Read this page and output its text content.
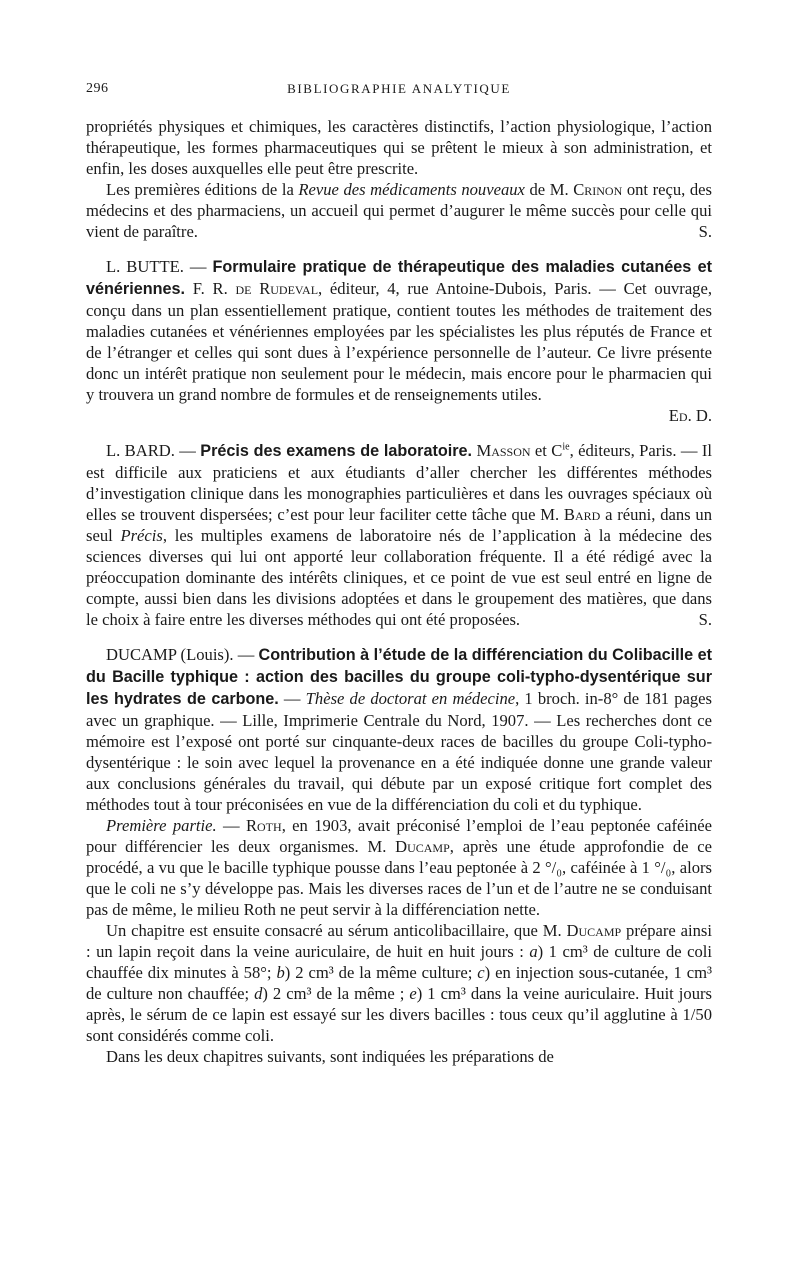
296	BIBLIOGRAPHIE ANALYTIQUE

propriétés physiques et chimiques, les caractères distinctifs, l’action physiologique, l’action thérapeutique, les formes pharmaceutiques qui se prêtent le mieux à son administration, et enfin, les doses auxquelles elle peut être prescrite.

Les premières éditions de la Revue des médicaments nouveaux de M. Crinon ont reçu, des médecins et des pharmaciens, un accueil qui permet d’augurer le même succès pour celle qui vient de paraître.	S.

L. BUTTE. — Formulaire pratique de thérapeutique des maladies cutanées et vénériennes. F. R. de Rudeval, éditeur, 4, rue Antoine-Dubois, Paris. — Cet ouvrage, conçu dans un plan essentiellement pratique, contient toutes les méthodes de traitement des maladies cutanées et vénériennes employées par les spécialistes les plus réputés de France et de l’étranger et celles qui sont dues à l’expérience personnelle de l’auteur. Ce livre présente donc un intérêt pratique non seulement pour le médecin, mais encore pour le pharmacien qui y trouvera un grand nombre de formules et de renseignements utiles.

Ed. D.

L. BARD. — Précis des examens de laboratoire. Masson et $C^{ie}$, éditeurs, Paris. — Il est difficile aux praticiens et aux étudiants d’aller chercher les différentes méthodes d’investigation clinique dans les monographies particulières et dans les ouvrages spéciaux où elles se trouvent dispersées; c’est pour leur faciliter cette tâche que M. Bard a réuni, dans un seul Précis, les multiples examens de laboratoire nés de l’application à la médecine des sciences diverses qui lui ont apporté leur collaboration fréquente. Il a été rédigé avec la préoccupation dominante des intérêts cliniques, et ce point de vue est seul entré en ligne de compte, aussi bien dans les divisions adoptées et dans le groupement des matières, que dans le choix à faire entre les diverses méthodes qui ont été proposées.	S.

DUCAMP (Louis). — Contribution à l’étude de la différenciation du Colibacille et du Bacille typhique : action des bacilles du groupe coli-typho-dysentérique sur les hydrates de carbone. — Thèse de doctorat en médecine, 1 broch. in-8° de 181 pages avec un graphique. — Lille, Imprimerie Centrale du Nord, 1907. — Les recherches dont ce mémoire est l’exposé ont porté sur cinquante-deux races de bacilles du groupe Coli-typho-dysentérique : le soin avec lequel la provenance en a été indiquée donne une grande valeur aux conclusions générales du travail, qui débute par un exposé critique fort complet des méthodes tout à tour préconisées en vue de la différenciation du coli et du typhique.

Première partie. — Roth, en 1903, avait préconisé l’emploi de l’eau peptonée caféinée pour différencier les deux organismes. M. Ducamp, après une étude approfondie de ce procédé, a vu que le bacille typhique pousse dans l’eau peptonée à 2 °/₀, caféinée à 1 °/₀, alors que le coli ne s’y développe pas. Mais les diverses races de l’un et de l’autre ne se conduisant pas de même, le milieu Roth ne peut servir à la différenciation nette.

Un chapitre est ensuite consacré au sérum anticolibacillaire, que M. Ducamp prépare ainsi : un lapin reçoit dans la veine auriculaire, de huit en huit jours : a) 1 cm³ de culture de coli chauffée dix minutes à 58°; b) 2 cm³ de la même culture; c) en injection sous-cutanée, 1 cm³ de culture non chauffée; d) 2 cm³ de la même ; e) 1 cm³ dans la veine auriculaire. Huit jours après, le sérum de ce lapin est essayé sur les divers bacilles : tous ceux qu’il agglutine à 1/50 sont considérés comme coli.

Dans les deux chapitres suivants, sont indiquées les préparations de
